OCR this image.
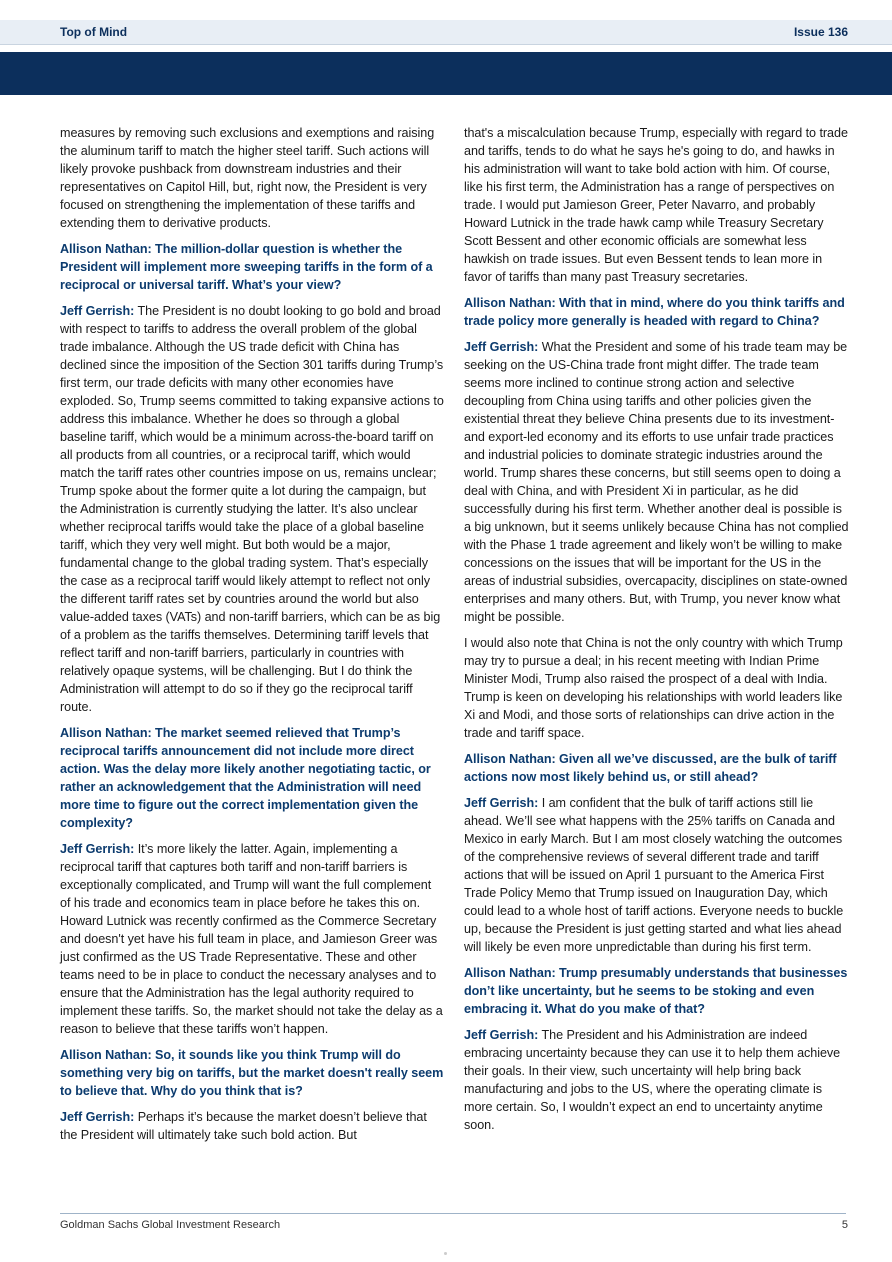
Top of Mind	Issue 136

measures by removing such exclusions and exemptions and raising the aluminum tariff to match the higher steel tariff. Such actions will likely provoke pushback from downstream industries and their representatives on Capitol Hill, but, right now, the President is very focused on strengthening the implementation of these tariffs and extending them to derivative products.

Allison Nathan: The million-dollar question is whether the President will implement more sweeping tariffs in the form of a reciprocal or universal tariff. What’s your view?

Jeff Gerrish: The President is no doubt looking to go bold and broad with respect to tariffs to address the overall problem of the global trade imbalance. Although the US trade deficit with China has declined since the imposition of the Section 301 tariffs during Trump’s first term, our trade deficits with many other economies have exploded. So, Trump seems committed to taking expansive actions to address this imbalance. Whether he does so through a global baseline tariff, which would be a minimum across-the-board tariff on all products from all countries, or a reciprocal tariff, which would match the tariff rates other countries impose on us, remains unclear; Trump spoke about the former quite a lot during the campaign, but the Administration is currently studying the latter. It’s also unclear whether reciprocal tariffs would take the place of a global baseline tariff, which they very well might. But both would be a major, fundamental change to the global trading system. That’s especially the case as a reciprocal tariff would likely attempt to reflect not only the different tariff rates set by countries around the world but also value-added taxes (VATs) and non-tariff barriers, which can be as big of a problem as the tariffs themselves. Determining tariff levels that reflect tariff and non-tariff barriers, particularly in countries with relatively opaque systems, will be challenging. But I do think the Administration will attempt to do so if they go the reciprocal tariff route.

Allison Nathan: The market seemed relieved that Trump’s reciprocal tariffs announcement did not include more direct action. Was the delay more likely another negotiating tactic, or rather an acknowledgement that the Administration will need more time to figure out the correct implementation given the complexity?

Jeff Gerrish: It’s more likely the latter. Again, implementing a reciprocal tariff that captures both tariff and non-tariff barriers is exceptionally complicated, and Trump will want the full complement of his trade and economics team in place before he takes this on. Howard Lutnick was recently confirmed as the Commerce Secretary and doesn't yet have his full team in place, and Jamieson Greer was just confirmed as the US Trade Representative. These and other teams need to be in place to conduct the necessary analyses and to ensure that the Administration has the legal authority required to implement these tariffs. So, the market should not take the delay as a reason to believe that these tariffs won’t happen.

Allison Nathan: So, it sounds like you think Trump will do something very big on tariffs, but the market doesn't really seem to believe that. Why do you think that is?

Jeff Gerrish: Perhaps it’s because the market doesn’t believe that the President will ultimately take such bold action. But

that's a miscalculation because Trump, especially with regard to trade and tariffs, tends to do what he says he's going to do, and hawks in his administration will want to take bold action with him. Of course, like his first term, the Administration has a range of perspectives on trade. I would put Jamieson Greer, Peter Navarro, and probably Howard Lutnick in the trade hawk camp while Treasury Secretary Scott Bessent and other economic officials are somewhat less hawkish on trade issues. But even Bessent tends to lean more in favor of tariffs than many past Treasury secretaries.

Allison Nathan: With that in mind, where do you think tariffs and trade policy more generally is headed with regard to China?

Jeff Gerrish: What the President and some of his trade team may be seeking on the US-China trade front might differ. The trade team seems more inclined to continue strong action and selective decoupling from China using tariffs and other policies given the existential threat they believe China presents due to its investment- and export-led economy and its efforts to use unfair trade practices and industrial policies to dominate strategic industries around the world. Trump shares these concerns, but still seems open to doing a deal with China, and with President Xi in particular, as he did successfully during his first term. Whether another deal is possible is a big unknown, but it seems unlikely because China has not complied with the Phase 1 trade agreement and likely won’t be willing to make concessions on the issues that will be important for the US in the areas of industrial subsidies, overcapacity, disciplines on state-owned enterprises and many others. But, with Trump, you never know what might be possible.

I would also note that China is not the only country with which Trump may try to pursue a deal; in his recent meeting with Indian Prime Minister Modi, Trump also raised the prospect of a deal with India. Trump is keen on developing his relationships with world leaders like Xi and Modi, and those sorts of relationships can drive action in the trade and tariff space.

Allison Nathan: Given all we’ve discussed, are the bulk of tariff actions now most likely behind us, or still ahead?

Jeff Gerrish: I am confident that the bulk of tariff actions still lie ahead. We’ll see what happens with the 25% tariffs on Canada and Mexico in early March. But I am most closely watching the outcomes of the comprehensive reviews of several different trade and tariff actions that will be issued on April 1 pursuant to the America First Trade Policy Memo that Trump issued on Inauguration Day, which could lead to a whole host of tariff actions. Everyone needs to buckle up, because the President is just getting started and what lies ahead will likely be even more unpredictable than during his first term.

Allison Nathan: Trump presumably understands that businesses don’t like uncertainty, but he seems to be stoking and even embracing it. What do you make of that?

Jeff Gerrish: The President and his Administration are indeed embracing uncertainty because they can use it to help them achieve their goals. In their view, such uncertainty will help bring back manufacturing and jobs to the US, where the operating climate is more certain. So, I wouldn’t expect an end to uncertainty anytime soon.

Goldman Sachs Global Investment Research	5
